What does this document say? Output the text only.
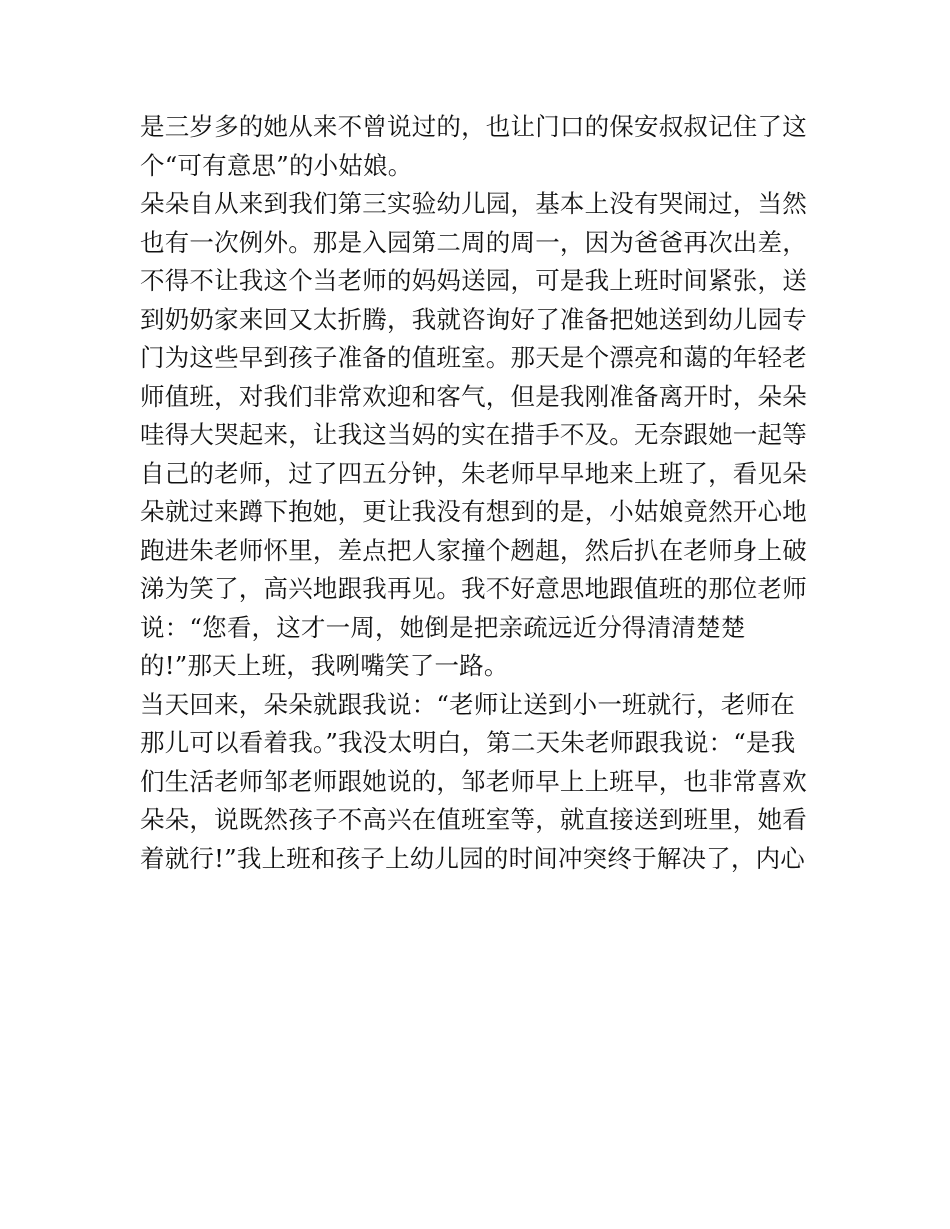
是三岁多的她从来不曾说过的，也让门口的保安叔叔记住了这
个“可有意思”的小姑娘。
朵朵自从来到我们第三实验幼儿园，基本上没有哭闹过，当然
也有一次例外。那是入园第二周的周一，因为爸爸再次出差，
不得不让我这个当老师的妈妈送园，可是我上班时间紧张，送
到奶奶家来回又太折腾，我就咨询好了准备把她送到幼儿园专
门为这些早到孩子准备的值班室。那天是个漂亮和蔼的年轻老
师值班，对我们非常欢迎和客气，但是我刚准备离开时，朵朵
哇得大哭起来，让我这当妈的实在措手不及。无奈跟她一起等
自己的老师，过了四五分钟，朱老师早早地来上班了，看见朵
朵就过来蹲下抱她，更让我没有想到的是，小姑娘竟然开心地
跑进朱老师怀里，差点把人家撞个趔趄，然后扒在老师身上破
涕为笑了，高兴地跟我再见。我不好意思地跟值班的那位老师
说：“您看，这才一周，她倒是把亲疏远近分得清清楚楚
的!”那天上班，我咧嘴笑了一路。
当天回来，朵朵就跟我说：“老师让送到小一班就行，老师在
那儿可以看着我。”我没太明白，第二天朱老师跟我说：“是我
们生活老师邹老师跟她说的，邹老师早上上班早，也非常喜欢
朵朵，说既然孩子不高兴在值班室等，就直接送到班里，她看
着就行!”我上班和孩子上幼儿园的时间冲突终于解决了，内心
